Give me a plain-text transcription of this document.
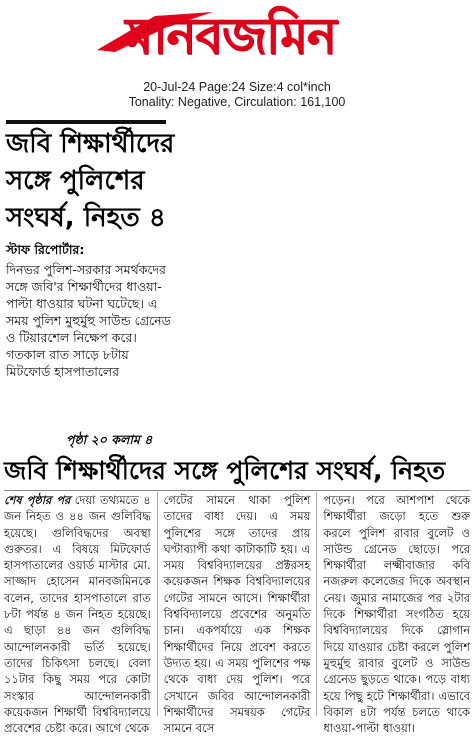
মানবজমিন
20-Jul-24 Page:24 Size:4 col*inch
Tonality: Negative, Circulation: 161,100
জবি শিক্ষার্থীদের সঙ্গে পুলিশের সংঘর্ষ, নিহত ৪
স্টাফ রিপোর্টার:
দিনভর পুলিশ-সরকার সমর্থকদের সঙ্গে জবি'র শিক্ষার্থীদের ধাওয়া-পাল্টা ধাওয়ার ঘটনা ঘটেছে। এ সময় পুলিশ মুহুর্মুহু সাউন্ড গ্রেনেড ও টিয়ারশেল নিক্ষেপ করে। গতকাল রাত সাড়ে ৮টায় মিটফোর্ড হাসপাতালের
পৃষ্ঠা ২০ কলাম ৪
জবি শিক্ষার্থীদের সঙ্গে পুলিশের সংঘর্ষ, নিহত
শেষ পৃষ্ঠার পর দেয়া তথ্যমতে ৪ জন নিহত ও ৪৪ জন গুলিবিদ্ধ হয়েছে। গুলিবিদ্ধদের অবস্থা গুরুতর। এ বিষয়ে মিটফোর্ড হাসপাতালের ওয়ার্ড মাস্টার মো. সাজ্জাদ হোসেন মানবজমিনকে বলেন, তাদের হাসপাতালে রাত ৮টা পর্যন্ত ৪ জন নিহত হয়েছে। এ ছাড়া ৪৪ জন গুলিবিদ্ধ আন্দোলনকারী ভর্তি হয়েছে। তাদের চিকিৎসা চলছে। বেলা ১১টার কিছু সময় পরে কোটা সংস্কার আন্দোলনকারী কয়েকজন শিক্ষার্থী বিশ্ববিদ্যালয়ে প্রবেশের চেষ্টা করে। আগে থেকে
গেটের সামনে থাকা পুলিশ তাদের বাধা দেয়। এ সময় পুলিশের সঙ্গে তাদের প্রায় ঘণ্টাব্যাপী কথা কাটাকাটি হয়। এ সময় বিশ্ববিদ্যালয়ের প্রক্টরসহ কয়েকজন শিক্ষক বিশ্ববিদ্যালয়ের গেটের সামনে আসে। শিক্ষার্থীরা বিশ্ববিদ্যালয়ে প্রবেশের অনুমতি চান। একপর্যায়ে এক শিক্ষক শিক্ষার্থীদের নিয়ে প্রবেশ করতে উদ্যত হয়। এ সময় পুলিশের পক্ষ থেকে বাধা দেয় পুলিশ। পরে সেখানে জবির আন্দোলনকারী শিক্ষার্থীদের সমন্বয়ক গেটের সামনে বসে
পড়েন। পরে আশপাশ থেকে শিক্ষার্থীরা জড়ো হতে শুরু করলে পুলিশ রাবার বুলেট ও সাউন্ড গ্রেনেড ছোড়ে। পরে শিক্ষার্থীরা লক্ষ্মীবাজার কবি নজরুল কলেজের দিকে অবস্থান নেয়। জুমার নামাজের পর ২টার দিকে শিক্ষার্থীরা সংগঠিত হয়ে বিশ্ববিদ্যালয়ের দিকে স্লোগান দিয়ে যাওয়ার চেষ্টা করলে পুলিশ মুহুর্মুহু রাবার বুলেট ও সাউন্ড গ্রেনেড ছুড়তে থাকে। পড়ে বাধ্য হয়ে পিছু হটে শিক্ষার্থীরা। এভাবে বিকাল ৪টা পর্যন্ত চলতে থাকে ধাওয়া-পাল্টা ধাওয়া।
